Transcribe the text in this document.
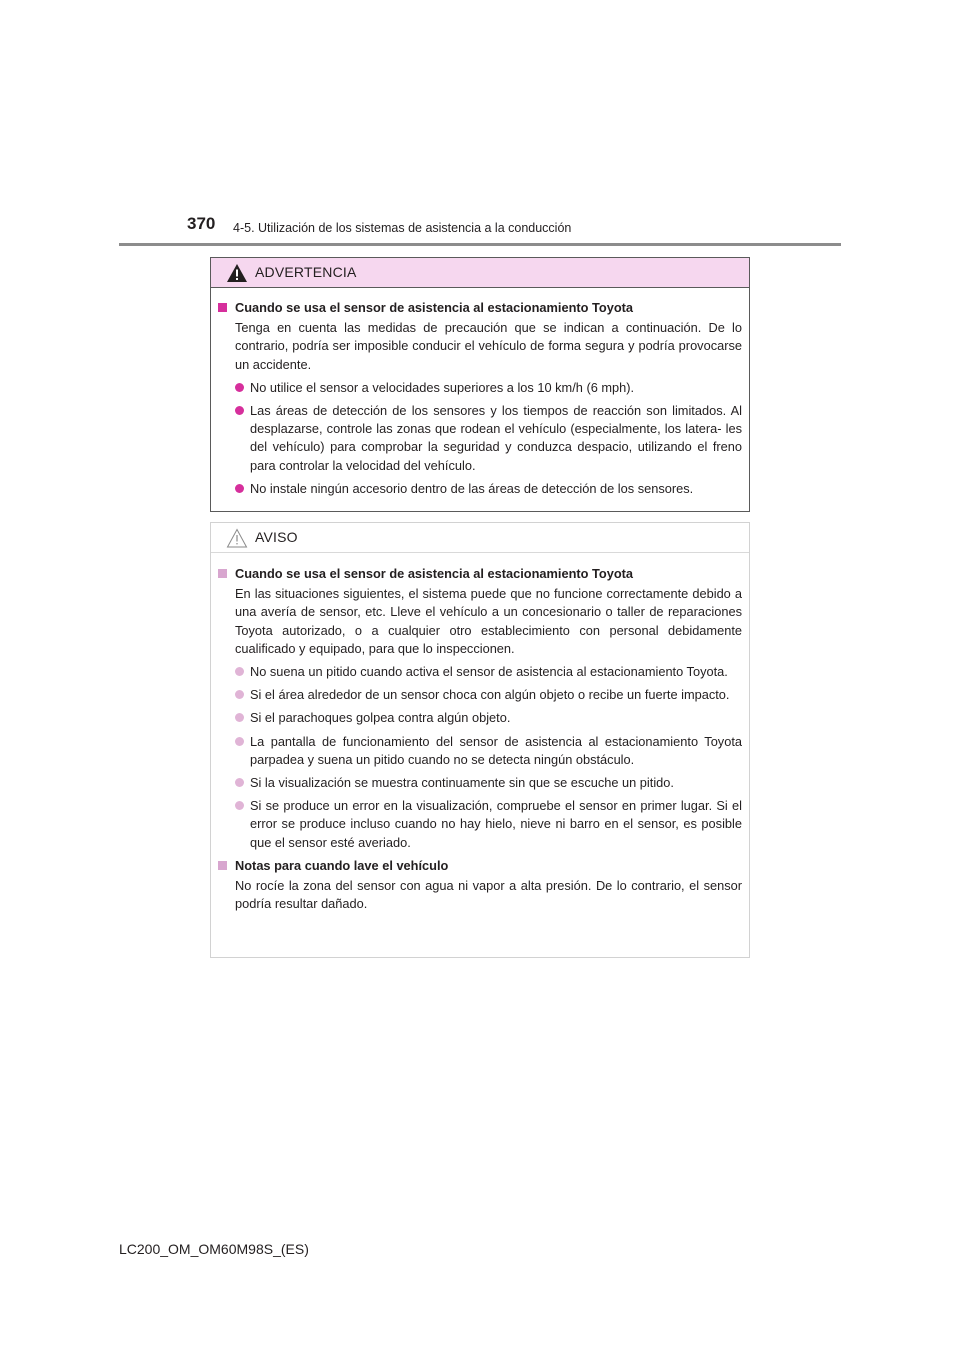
370 4-5. Utilización de los sistemas de asistencia a la conducción
ADVERTENCIA
Cuando se usa el sensor de asistencia al estacionamiento Toyota
Tenga en cuenta las medidas de precaución que se indican a continuación. De lo contrario, podría ser imposible conducir el vehículo de forma segura y podría provocarse un accidente.
No utilice el sensor a velocidades superiores a los 10 km/h (6 mph).
Las áreas de detección de los sensores y los tiempos de reacción son limitados. Al desplazarse, controle las zonas que rodean el vehículo (especialmente, los latera- les del vehículo) para comprobar la seguridad y conduzca despacio, utilizando el freno para controlar la velocidad del vehículo.
No instale ningún accesorio dentro de las áreas de detección de los sensores.
AVISO
Cuando se usa el sensor de asistencia al estacionamiento Toyota
En las situaciones siguientes, el sistema puede que no funcione correctamente debido a una avería de sensor, etc. Lleve el vehículo a un concesionario o taller de reparaciones Toyota autorizado, o a cualquier otro establecimiento con personal debidamente cualificado y equipado, para que lo inspeccionen.
No suena un pitido cuando activa el sensor de asistencia al estacionamiento Toyota.
Si el área alrededor de un sensor choca con algún objeto o recibe un fuerte impacto.
Si el parachoques golpea contra algún objeto.
La pantalla de funcionamiento del sensor de asistencia al estacionamiento Toyota parpadea y suena un pitido cuando no se detecta ningún obstáculo.
Si la visualización se muestra continuamente sin que se escuche un pitido.
Si se produce un error en la visualización, compruebe el sensor en primer lugar. Si el error se produce incluso cuando no hay hielo, nieve ni barro en el sensor, es posible que el sensor esté averiado.
Notas para cuando lave el vehículo
No rocíe la zona del sensor con agua ni vapor a alta presión. De lo contrario, el sensor podría resultar dañado.
LC200_OM_OM60M98S_(ES)
